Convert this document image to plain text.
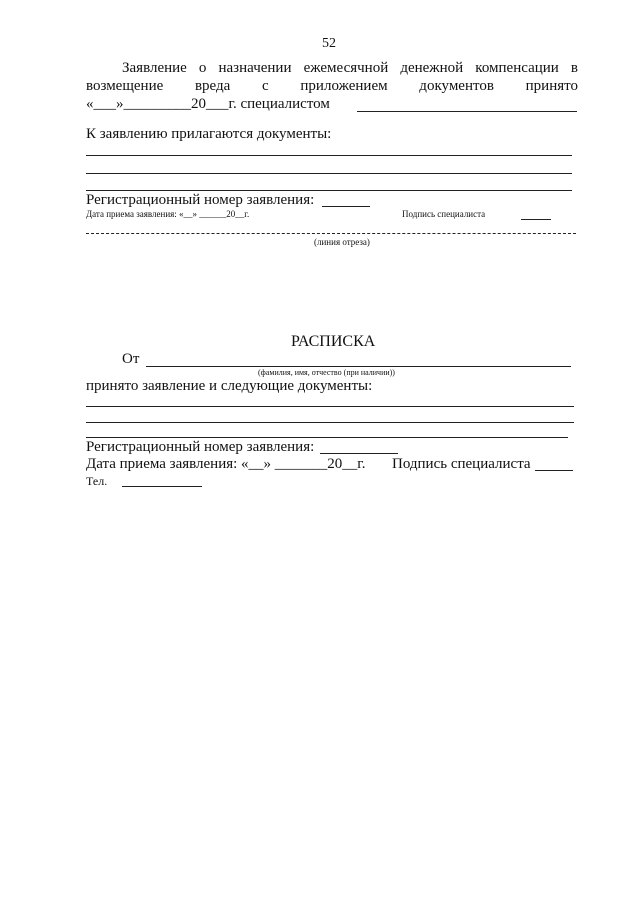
52
Заявление о назначении ежемесячной денежной компенсации в
возмещение вреда с приложением документов принято
«___»_________20___г. специалистом
К заявлению прилагаются документы:
Регистрационный номер заявления:
Дата приема заявления: «__» ______20__г.	Подпись специалиста
(линия отреза)
РАСПИСКА
От
(фамилия, имя, отчество (при наличии))
принято заявление и следующие документы:
Регистрационный номер заявления:
Дата приема заявления: «__» _______20__г. Подпись специалиста
Тел.
